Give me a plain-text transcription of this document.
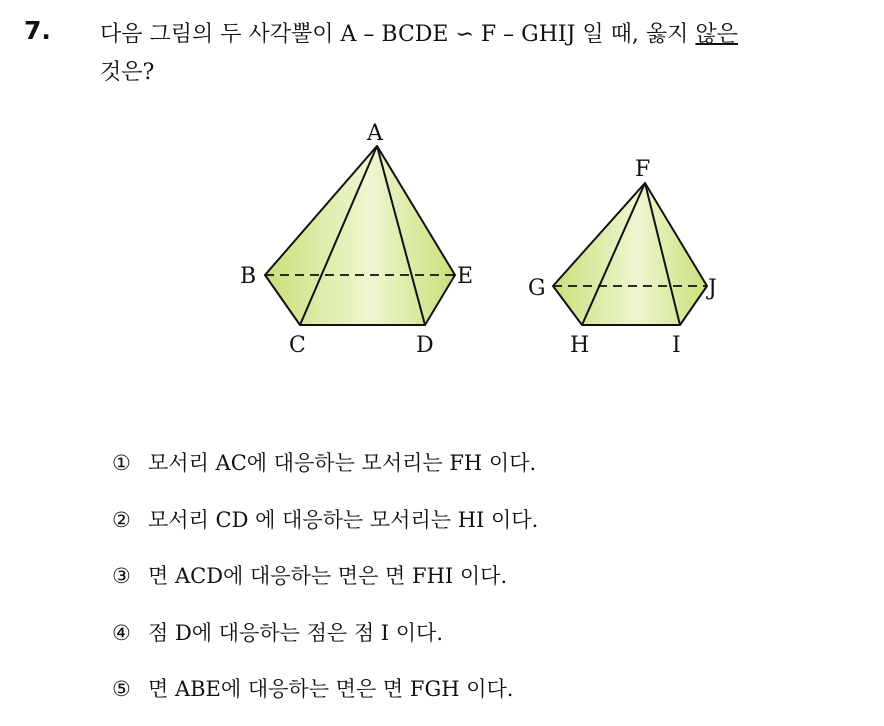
7. 다음 그림의 두 사각뿔이 A – BCDE ∽ F – GHIJ 일 때, 옳지 않은
것은?
A
B
C	D
E
F
G
H	I
J
① 모서리 AC에 대응하는 모서리는 FH 이다.
② 모서리 CD 에 대응하는 모서리는 HI 이다.
③ 면 ACD에 대응하는 면은 면 FHI 이다.
④ 점 D에 대응하는 점은 점 I 이다.
⑤ 면 ABE에 대응하는 면은 면 FGH 이다.
